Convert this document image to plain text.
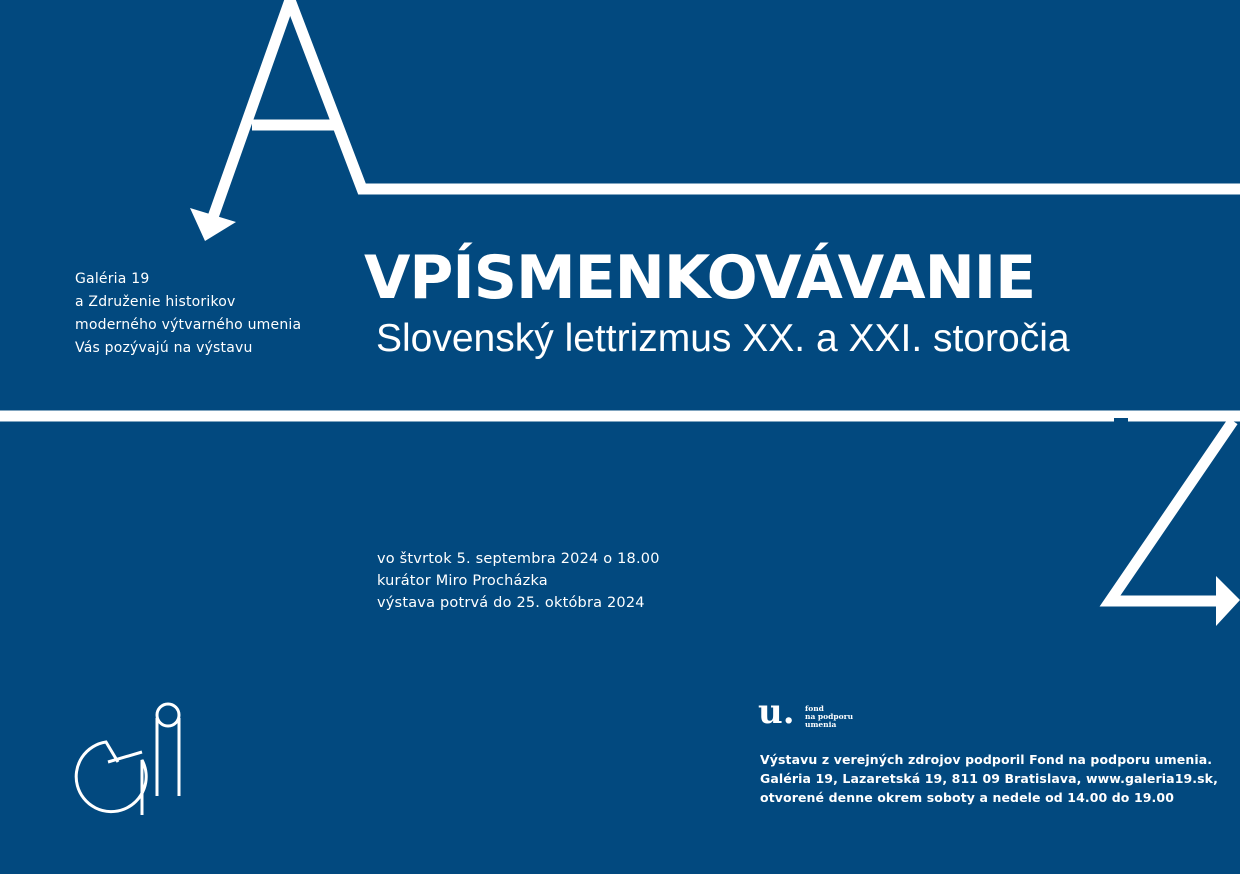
Galéria 19
a Združenie historikov
moderného výtvarného umenia
Vás pozývajú na výstavu
VPÍSMENKOVÁVANIE
Slovenský lettrizmus XX. a XXI. storočia
vo štvrtok 5. septembra 2024 o 18.00
kurátor Miro Procházka
výstava potrvá do 25. októbra 2024
u. fond
na podporu
umenia
Výstavu z verejných zdrojov podporil Fond na podporu umenia.
Galéria 19, Lazaretská 19, 811 09 Bratislava, www.galeria19.sk,
otvorené denne okrem soboty a nedele od 14.00 do 19.00
